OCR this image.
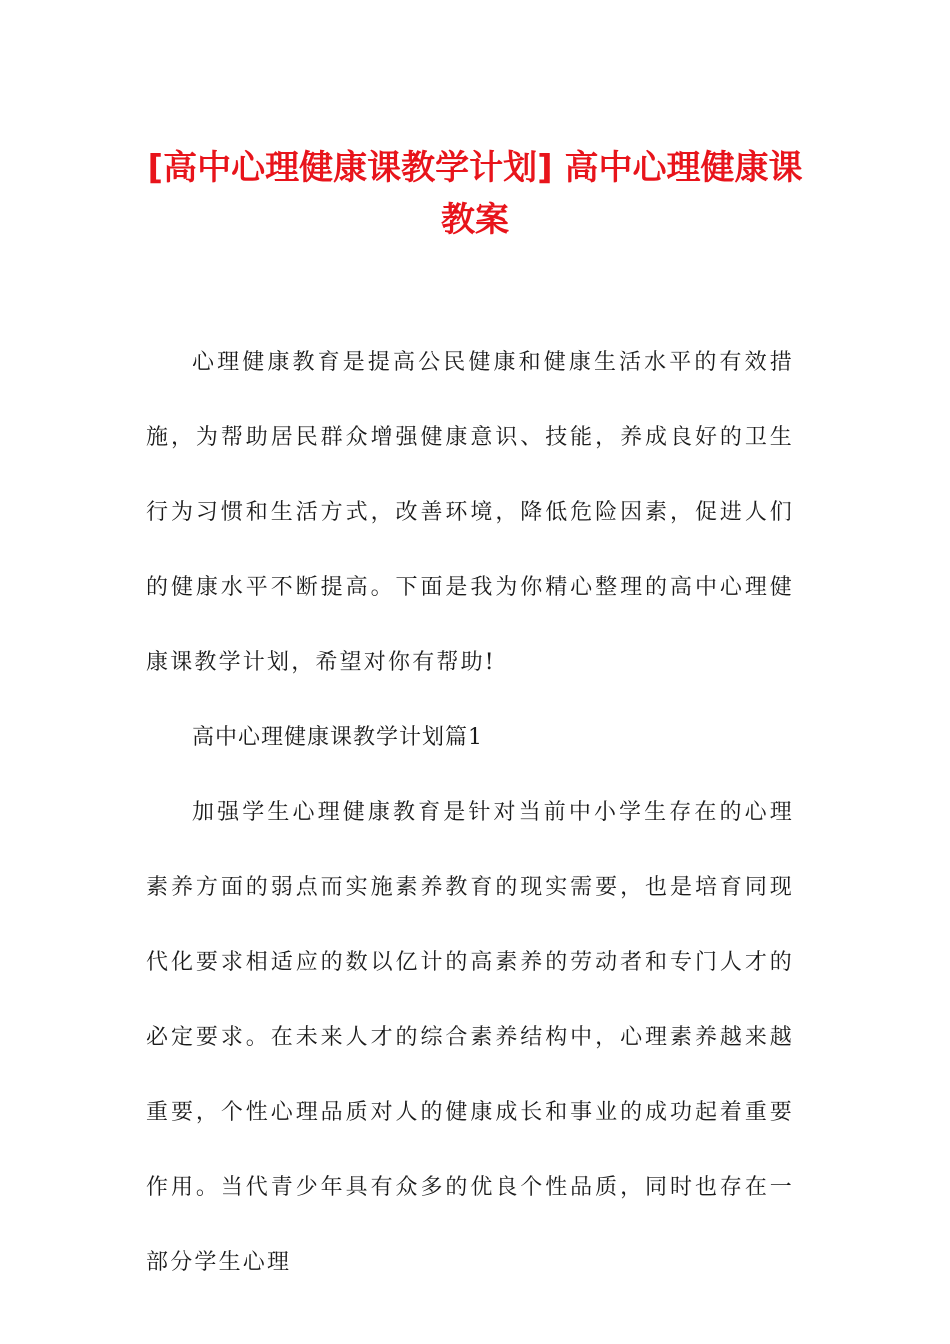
[高中心理健康课教学计划] 高中心理健康课
教案

心理健康教育是提高公民健康和健康生活水平的有效措施，为帮助居民群众增强健康意识、技能，养成良好的卫生行为习惯和生活方式，改善环境，降低危险因素，促进人们的健康水平不断提高。下面是我为你精心整理的高中心理健康课教学计划，希望对你有帮助!

高中心理健康课教学计划篇1

加强学生心理健康教育是针对当前中小学生存在的心理素养方面的弱点而实施素养教育的现实需要，也是培育同现代化要求相适应的数以亿计的高素养的劳动者和专门人才的必定要求。在未来人才的综合素养结构中，心理素养越来越重要，个性心理品质对人的健康成长和事业的成功起着重要作用。当代青少年具有众多的优良个性品质，同时也存在一部分学生心理
